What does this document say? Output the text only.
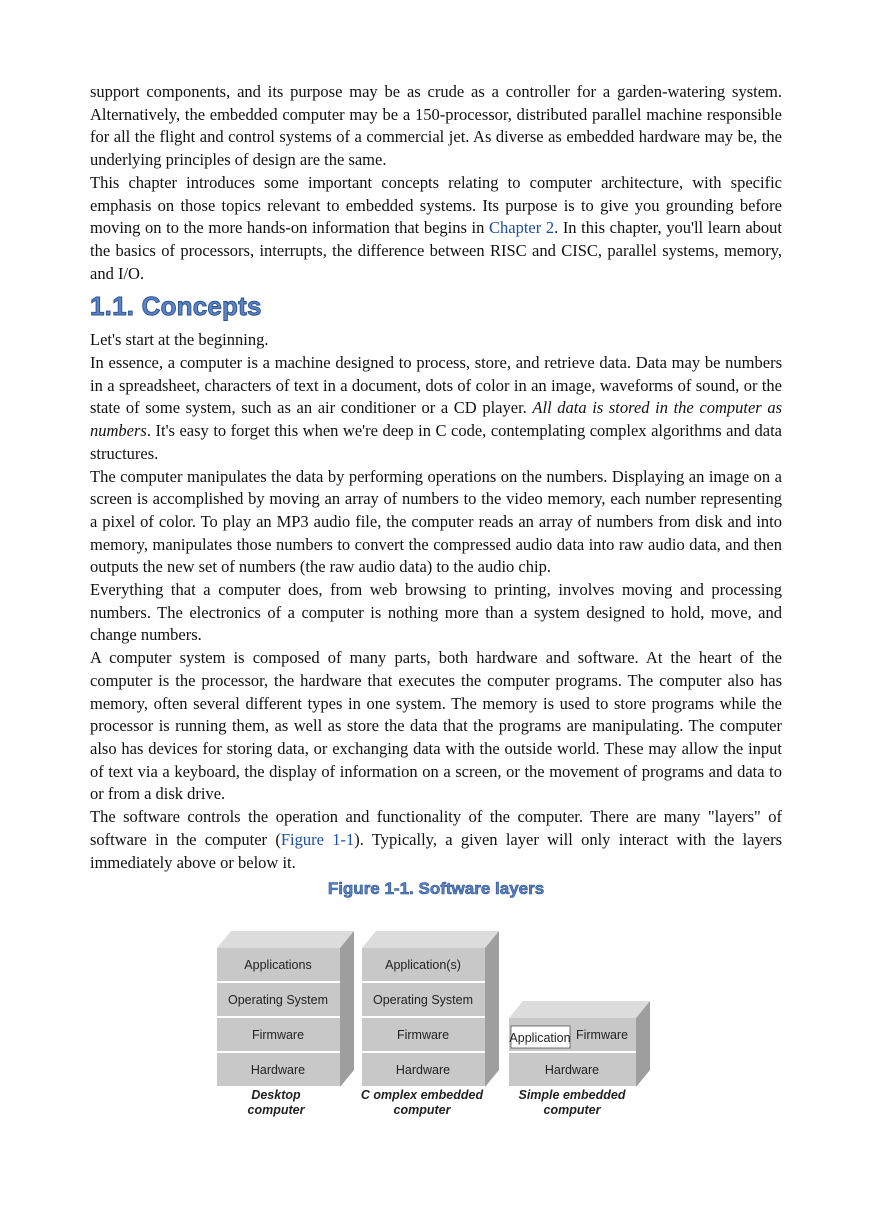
support components, and its purpose may be as crude as a controller for a garden-watering system. Alternatively, the embedded computer may be a 150-processor, distributed parallel machine responsible for all the flight and control systems of a commercial jet. As diverse as embedded hardware may be, the underlying principles of design are the same.

This chapter introduces some important concepts relating to computer architecture, with specific emphasis on those topics relevant to embedded systems. Its purpose is to give you grounding before moving on to the more hands-on information that begins in Chapter 2. In this chapter, you'll learn about the basics of processors, interrupts, the difference between RISC and CISC, parallel systems, memory, and I/O.

1.1. Concepts

Let's start at the beginning.

In essence, a computer is a machine designed to process, store, and retrieve data. Data may be numbers in a spreadsheet, characters of text in a document, dots of color in an image, waveforms of sound, or the state of some system, such as an air conditioner or a CD player. All data is stored in the computer as numbers. It's easy to forget this when we're deep in C code, contemplating complex algorithms and data structures.

The computer manipulates the data by performing operations on the numbers. Displaying an image on a screen is accomplished by moving an array of numbers to the video memory, each number representing a pixel of color. To play an MP3 audio file, the computer reads an array of numbers from disk and into memory, manipulates those numbers to convert the compressed audio data into raw audio data, and then outputs the new set of numbers (the raw audio data) to the audio chip.

Everything that a computer does, from web browsing to printing, involves moving and processing numbers. The electronics of a computer is nothing more than a system designed to hold, move, and change numbers.

A computer system is composed of many parts, both hardware and software. At the heart of the computer is the processor, the hardware that executes the computer programs. The computer also has memory, often several different types in one system. The memory is used to store programs while the processor is running them, as well as store the data that the programs are manipulating. The computer also has devices for storing data, or exchanging data with the outside world. These may allow the input of text via a keyboard, the display of information on a screen, or the movement of programs and data to or from a disk drive.

The software controls the operation and functionality of the computer. There are many "layers" of software in the computer (Figure 1-1). Typically, a given layer will only interact with the layers immediately above or below it.

Figure 1-1. Software layers
Applications
Operating System
Firmware
Hardware
Desktop
computer
Application(s)
Operating System
Firmware
Hardware
C omplex embedded
computer
Application Firmware
Hardware
Simple embedded
computer
